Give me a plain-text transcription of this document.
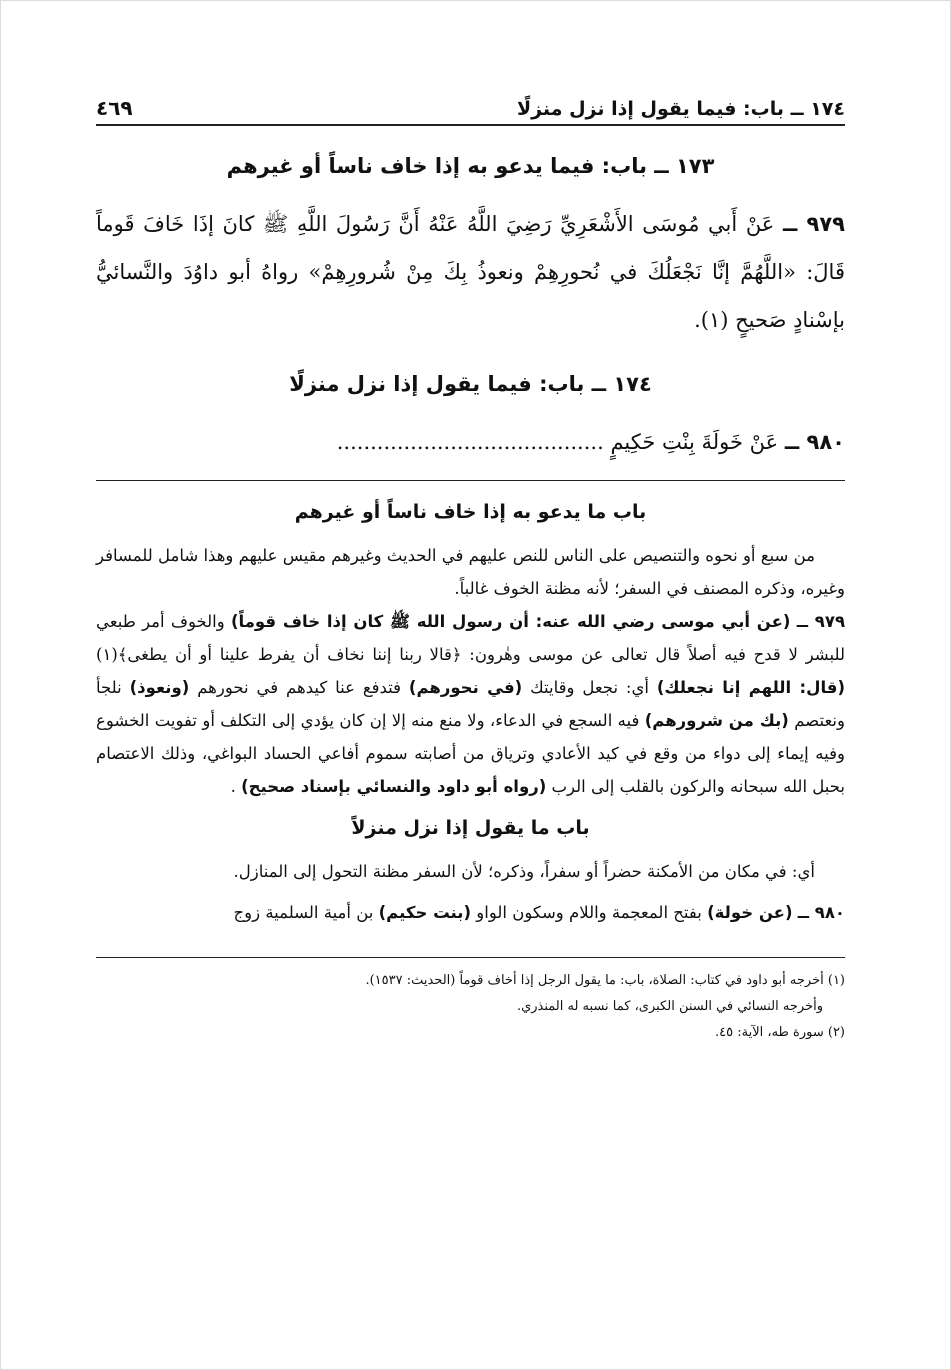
١٧٤ ــ باب: فيما يقول إذا نزل منزلًا
٤٦٩
١٧٣ ــ باب: فيما يدعو به إذا خاف ناساً أو غيرهم
٩٧٩ ــ عَنْ أَبي مُوسَى الأَشْعَرِيِّ رَضِيَ اللَّهُ عَنْهُ أَنَّ رَسُولَ اللَّهِ ﷺ كانَ إذَا خَافَ قَوماً قَالَ: «اللَّهُمَّ إنَّا نَجْعَلُكَ في نُحورِهِمْ ونعوذُ بِكَ مِنْ شُرورِهِمْ» رواهُ أبو داوُدَ والنَّسائيُّ بإسْنادٍ صَحيحٍ (١).
١٧٤ ــ باب: فيما يقول إذا نزل منزلًا
٩٨٠ ــ عَنْ خَولَةَ بِنْتِ حَكِيمٍ ........................................
باب ما يدعو به إذا خاف ناساً أو غيرهم

من سبع أو نحوه والتنصيص على الناس للنص عليهم في الحديث وغيرهم مقيس عليهم وهذا شامل للمسافر وغيره، وذكره المصنف في السفر؛ لأنه مظنة الخوف غالباً.

٩٧٩ ــ (عن أبي موسى رضي الله عنه: أن رسول الله ﷺ كان إذا خاف قوماً) والخوف أمر طبعي للبشر لا قدح فيه أصلاً قال تعالى عن موسى وهٰرون: ﴿قالا ربنا إننا نخاف أن يفرط علينا أو أن يطغى﴾(١) (قال: اللهم إنا نجعلك) أي: نجعل وقايتك (في نحورهم) فتدفع عنا كيدهم في نحورهم (ونعوذ) نلجأ ونعتصم (بك من شرورهم) فيه السجع في الدعاء، ولا منع منه إلا إن كان يؤدي إلى التكلف أو تفويت الخشوع وفيه إيماء إلى دواء من وقع في كيد الأعادي وترياق من أصابته سموم أفاعي الحساد البواغي، وذلك الاعتصام بحبل الله سبحانه والركون بالقلب إلى الرب (رواه أبو داود والنسائي بإسناد صحيح) .

باب ما يقول إذا نزل منزلاً

أي: في مكان من الأمكنة حضراً أو سفراً، وذكره؛ لأن السفر مظنة التحول إلى المنازل.

٩٨٠ ــ (عن خولة) بفتح المعجمة واللام وسكون الواو (بنت حكيم) بن أمية السلمية زوج

(١) أخرجه أبو داود في كتاب: الصلاة، باب: ما يقول الرجل إذا أخاف قوماً (الحديث: ١٥٣٧).
وأخرجه النسائي في السنن الكبرى، كما نسبه له المنذري.
(٢) سورة طه، الآية: ٤٥.
